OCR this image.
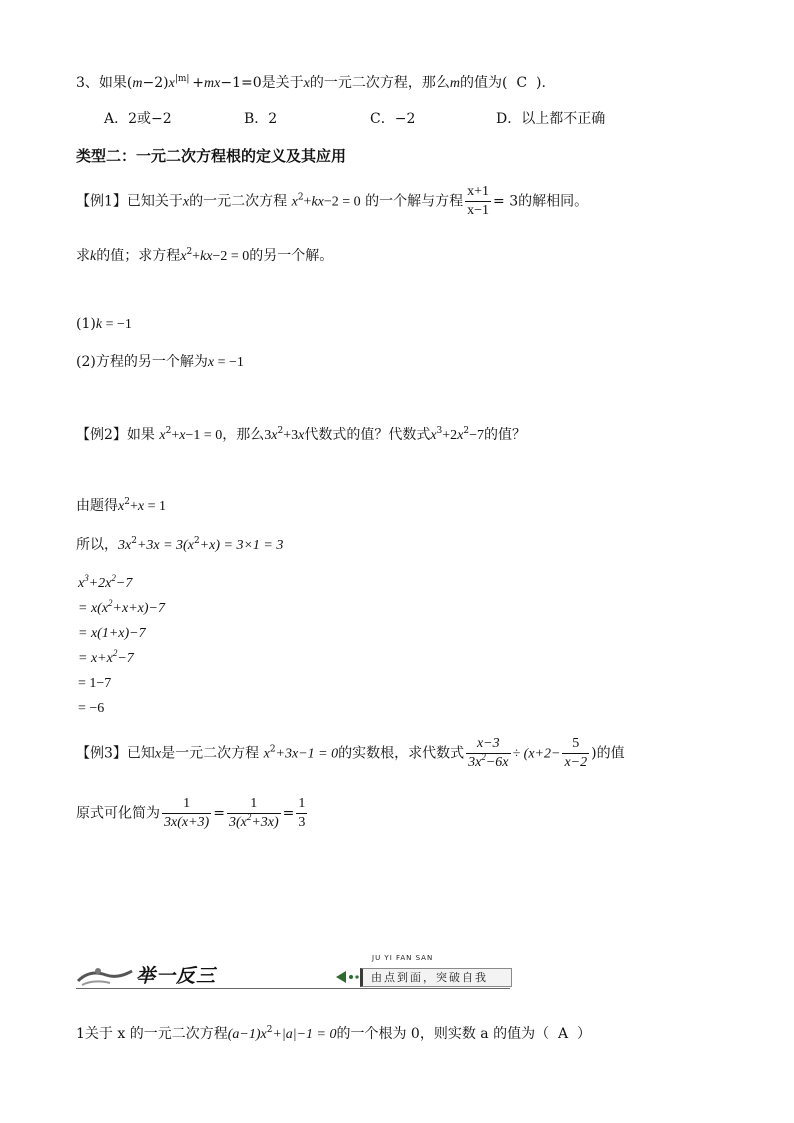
3、如果$(m-2)x^{|m|} +mx-1=0$是关于x的一元二次方程，那么m的值为( C ).
A．2或−2	B．2	C．−2	D．以上都不正确
类型二：一元二次方程根的定义及其应用
【例1】已知关于x的一元二次方程 $x^2+kx-2 = 0$ 的一个解与方程 $\frac{x+1}{x-1} = 3$的解相同。
求k的值；求方程$x^2+kx-2 = 0$的另一个解。
(1)k = −1
(2)方程的另一个解为x = −1
【例2】如果 $x^2+x-1 = 0$，那么$3x^2+3x$代数式的值？代数式$x^3+2x^2-7$的值？
由题得$x^2+x = 1$
所以，$3x^2+3x = 3(x^2+x) = 3\times 1 = 3$
$x^3+2x^2-7$
= $x(x^2+x+x)-7$
= x(1+x)−7
= $x+x^2-7$
= 1−7
= −6
【例3】已知x是一元二次方程 $x^2+3x-1 = 0$的实数根，求代数式 $\frac{x-3}{3x^2-6x} \div (x+2- \frac{5}{x-2}$ )的值
原式可化简为 $\frac{1}{3x(x+3)} = \frac{1}{3(x^2+3x)} = \frac{1}{3}$
举一反三
JU YI FAN SAN
由点到面，突破自我
1关于 x 的一元二次方程$(a-1)x^2+|a|-1 = 0$的一个根为 0，则实数 a 的值为（ A ）
